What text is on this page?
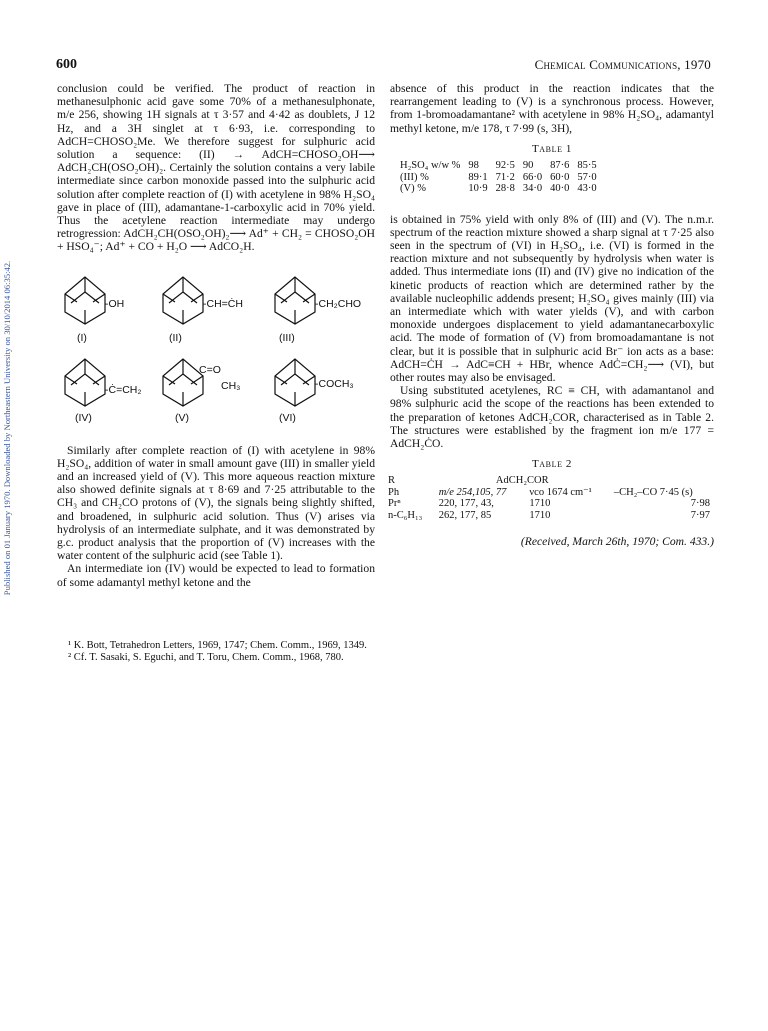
Published on 01 January 1970. Downloaded by Northeastern University on 30/10/2014 06:35:42.
600	Chemical Communications, 1970

conclusion could be verified. The product of reaction in methanesulphonic acid gave some 70% of a methanesulphonate, m/e 256, showing 1H signals at τ 3·57 and 4·42 as doublets, J 12 Hz, and a 3H singlet at τ 6·93, i.e. corresponding to AdCH=CHOSO₂Me. We therefore suggest for sulphuric acid solution a sequence: (II) → AdCH=CHOSO₂OH⟶ AdCH₂CH(OSO₂OH)₂. Certainly the solution contains a very labile intermediate since carbon monoxide passed into the sulphuric acid solution after complete reaction of (I) with acetylene in 98% H₂SO₄ gave in place of (III), adamantane-1-carboxylic acid in 70% yield. Thus the acetylene reaction intermediate may undergo retrogression: AdCH₂CH(OSO₂OH)₂⟶ Ad⁺ + CH₂ = CHOSO₂OH + HSO₄⁻; Ad⁺ + CO + H₂O ⟶ AdCO₂H.

-OH
(I)
-CH=ĊH
(II)
-CH₂CHO
(III)
-Ċ=CH₂
(IV)
C=O
CH₃
(V)
-COCH₃
(VI)

Similarly after complete reaction of (I) with acetylene in 98% H₂SO₄, addition of water in small amount gave (III) in smaller yield and an increased yield of (V). This more aqueous reaction mixture also showed definite signals at τ 8·69 and 7·25 attributable to the CH₃ and CH₂CO protons of (V), the signals being slightly shifted, and broadened, in sulphuric acid solution. Thus (V) arises via hydrolysis of an intermediate sulphate, and it was demonstrated by g.c. product analysis that the proportion of (V) increases with the water content of the sulphuric acid (see Table 1).

An intermediate ion (IV) would be expected to lead to formation of some adamantyl methyl ketone and the

absence of this product in the reaction indicates that the rearrangement leading to (V) is a synchronous process. However, from 1-bromoadamantane² with acetylene in 98% H₂SO₄, adamantyl methyl ketone, m/e 178, τ 7·99 (s, 3H),

Table 1
H₂SO₄ w/w %	98	92·5	90	87·6	85·5
(III) %	89·1	71·2	66·0	60·0	57·0
(V) %	10·9	28·8	34·0	40·0	43·0

is obtained in 75% yield with only 8% of (III) and (V). The n.m.r. spectrum of the reaction mixture showed a sharp signal at τ 7·25 also seen in the spectrum of (VI) in H₂SO₄, i.e. (VI) is formed in the reaction mixture and not subsequently by hydrolysis when water is added. Thus intermediate ions (II) and (IV) give no indication of the kinetic products of reaction which are determined rather by the available nucleophilic addends present; H₂SO₄ gives mainly (III) via an intermediate which with water yields (V), and with carbon monoxide undergoes displacement to yield adamantanecarboxylic acid. The mode of formation of (V) from bromoadamantane is not clear, but it is possible that in sulphuric acid Br⁻ ion acts as a base: AdCH=ĊH → AdC≡CH + HBr, whence AdĊ=CH₂⟶ (VI), but other routes may also be envisaged.

Using substituted acetylenes, RC ≡ CH, with adamantanol and 98% sulphuric acid the scope of the reactions has been extended to the preparation of ketones AdCH₂COR, characterised as in Table 2. The structures were established by the fragment ion m/e 177 = AdCH₂ĊO.

Table 2
R	AdCH₂COR		
Ph	m/e 254,105, 77	νco 1674 cm⁻¹	–CH₂–CO 7·45 (s)
Prⁿ	220, 177, 43,	1710	7·98
n-C₆H₁₃	262, 177, 85	1710	7·97
(Received, March 26th, 1970; Com. 433.)

¹ K. Bott, Tetrahedron Letters, 1969, 1747; Chem. Comm., 1969, 1349.

² Cf. T. Sasaki, S. Eguchi, and T. Toru, Chem. Comm., 1968, 780.
